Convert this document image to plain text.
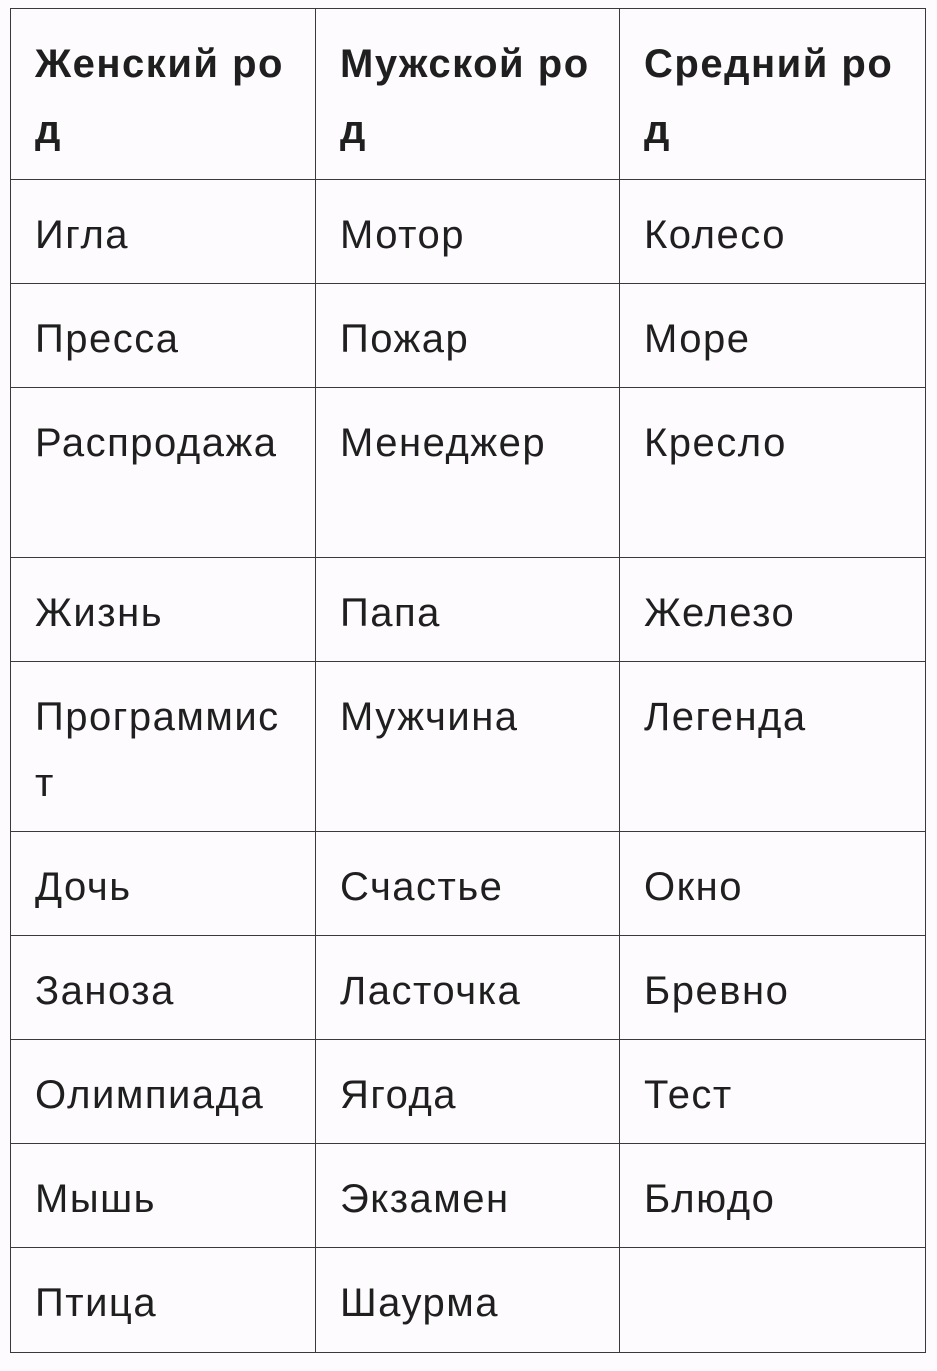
Женский род	Мужской род	Средний род
Игла	Мотор	Колесо
Пресса	Пожар	Море
Распродажа	Менеджер	Кресло
Жизнь	Папа	Железо
Программист	Мужчина	Легенда
Дочь	Счастье	Окно
Заноза	Ласточка	Бревно
Олимпиада	Ягода	Тест
Мышь	Экзамен	Блюдо
Птица	Шаурма	
